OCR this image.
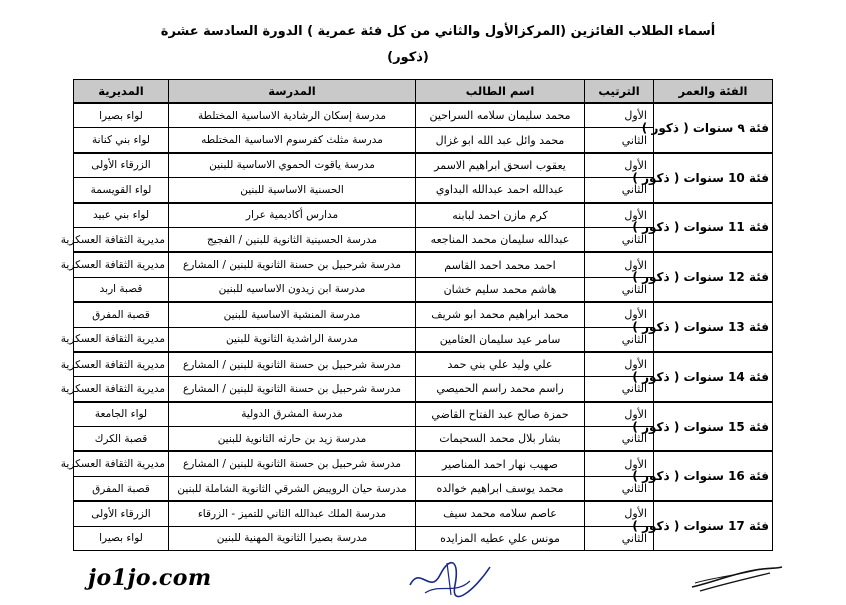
أسماء الطلاب الفائزين (المركزالأول والثاني من كل فئة عمرية ) الدورة السادسة عشرة
(ذكور)
الفئة والعمر	الترتيب	اسم الطالب	المدرسة	المديرية
فئة ٩ سنوات ( ذكور )	الأول	محمد سليمان سلامه السراحين	مدرسة إسكان الرشادية الاساسية المختلطة	لواء بصيرا
	الثاني	محمد وائل عبد الله ابو غزال	مدرسة مثلث كفرسوم الاساسية المختلطه	لواء بني كنانة
فئة 10 سنوات ( ذكور )	الأول	يعقوب اسحق ابراهيم الاسمر	مدرسة ياقوت الحموي الاساسية للبنين	الزرقاء الأولى
	الثاني	عبدالله احمد عبدالله البداوي	الحسنية الاساسية للبنين	لواء القويسمة
فئة 11 سنوات ( ذكور )	الأول	كرم مازن احمد لبابنه	مدارس أكاديمية عرار	لواء بني عبيد
	الثاني	عبدالله سليمان محمد المناجعه	مدرسة الحسينية الثانوية للبنين / الفجيج	مديرية الثقافة العسكرية
فئة 12 سنوات ( ذكور )	الأول	احمد محمد احمد القاسم	مدرسة شرحبيل بن حسنة الثانوية للبنين / المشارع	مديرية الثقافة العسكرية
	الثاني	هاشم محمد سليم خشان	مدرسة ابن زيدون الاساسيه للبنين	قصبة اربد
فئة 13 سنوات ( ذكور )	الأول	محمد ابراهيم محمد ابو شريف	مدرسة المنشية الاساسية للبنين	قصبة المفرق
	الثاني	سامر عيد سليمان العثامين	مدرسة الراشدية الثانوية للبنين	مديرية الثقافة العسكرية
فئة 14 سنوات ( ذكور )	الأول	علي وليد علي بني حمد	مدرسة شرحبيل بن حسنة الثانوية للبنين / المشارع	مديرية الثقافة العسكرية
	الثاني	راسم محمد راسم الحميصي	مدرسة شرحبيل بن حسنة الثانوية للبنين / المشارع	مديرية الثقافة العسكرية
فئة 15 سنوات ( ذكور )	الأول	حمزة صالح عبد الفتاح القاضي	مدرسة المشرق الدولية	لواء الجامعة
	الثاني	بشار بلال محمد السحيمات	مدرسة زيد بن حارثه الثانوية للبنين	قصبة الكرك
فئة 16 سنوات ( ذكور )	الأول	صهيب نهار احمد المناصير	مدرسة شرحبيل بن حسنة الثانوية للبنين / المشارع	مديرية الثقافة العسكرية
	الثاني	محمد يوسف ابراهيم خوالده	مدرسة حيان الرويبض الشرقي الثانوية الشاملة للبنين	قصبة المفرق
فئة 17 سنوات ( ذكور )	الأول	عاصم سلامه محمد سيف	مدرسة الملك عبدالله الثاني للتميز - الزرقاء	الزرقاء الأولى
	الثاني	مونس علي عطيه المزايده	مدرسة بصيرا الثانوية المهنية للبنين	لواء بصيرا
jo1jo.com
